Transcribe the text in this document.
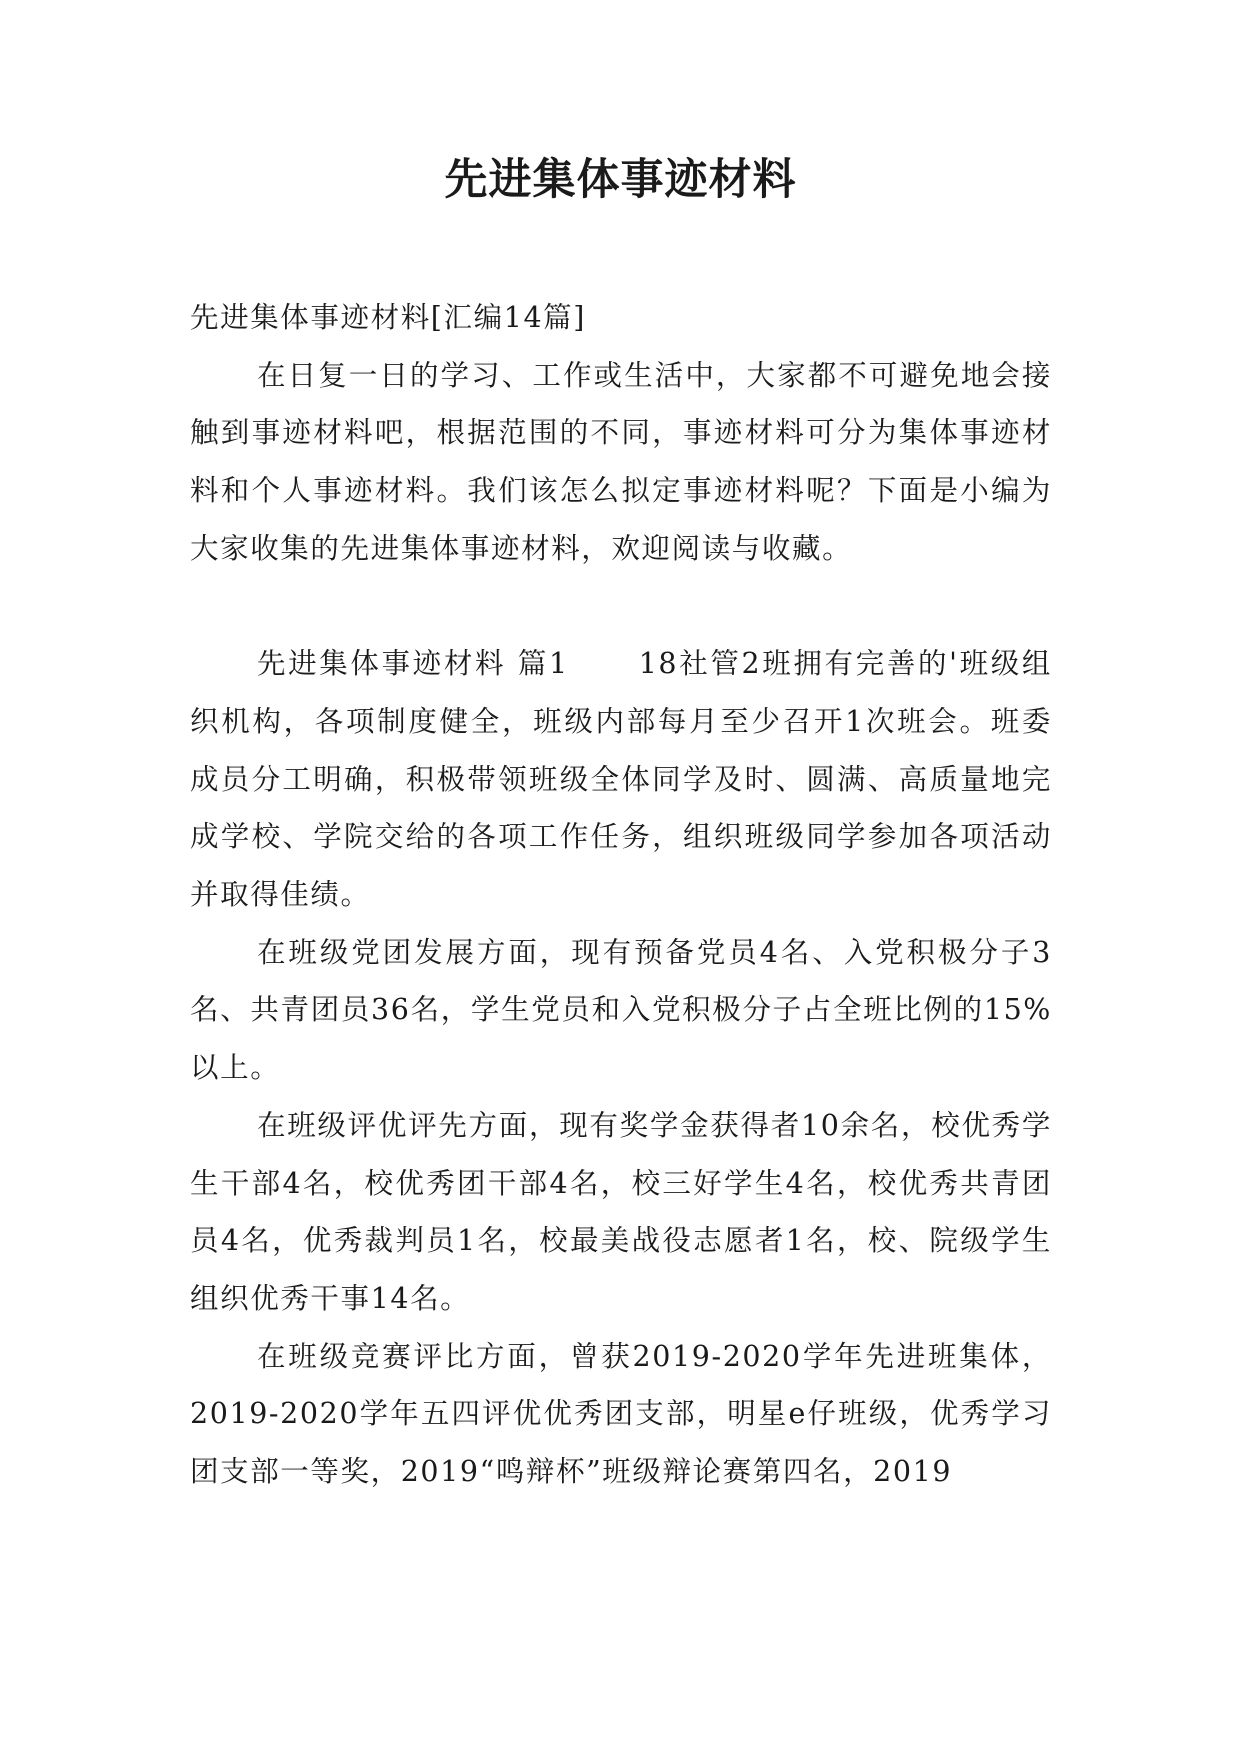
先进集体事迹材料

先进集体事迹材料[汇编14篇]

在日复一日的学习、工作或生活中，大家都不可避免地会接触到事迹材料吧，根据范围的不同，事迹材料可分为集体事迹材料和个人事迹材料。我们该怎么拟定事迹材料呢？下面是小编为大家收集的先进集体事迹材料，欢迎阅读与收藏。

先进集体事迹材料 篇1 18社管2班拥有完善的'班级组织机构，各项制度健全，班级内部每月至少召开1次班会。班委成员分工明确，积极带领班级全体同学及时、圆满、高质量地完成学校、学院交给的各项工作任务，组织班级同学参加各项活动并取得佳绩。

在班级党团发展方面，现有预备党员4名、入党积极分子3名、共青团员36名，学生党员和入党积极分子占全班比例的15%以上。

在班级评优评先方面，现有奖学金获得者10余名，校优秀学生干部4名，校优秀团干部4名，校三好学生4名，校优秀共青团员4名，优秀裁判员1名，校最美战役志愿者1名，校、院级学生组织优秀干事14名。

在班级竞赛评比方面，曾获2019-2020学年先进班集体，2019-2020学年五四评优优秀团支部，明星e仔班级，优秀学习团支部一等奖，2019“鸣辩杯”班级辩论赛第四名，2019
